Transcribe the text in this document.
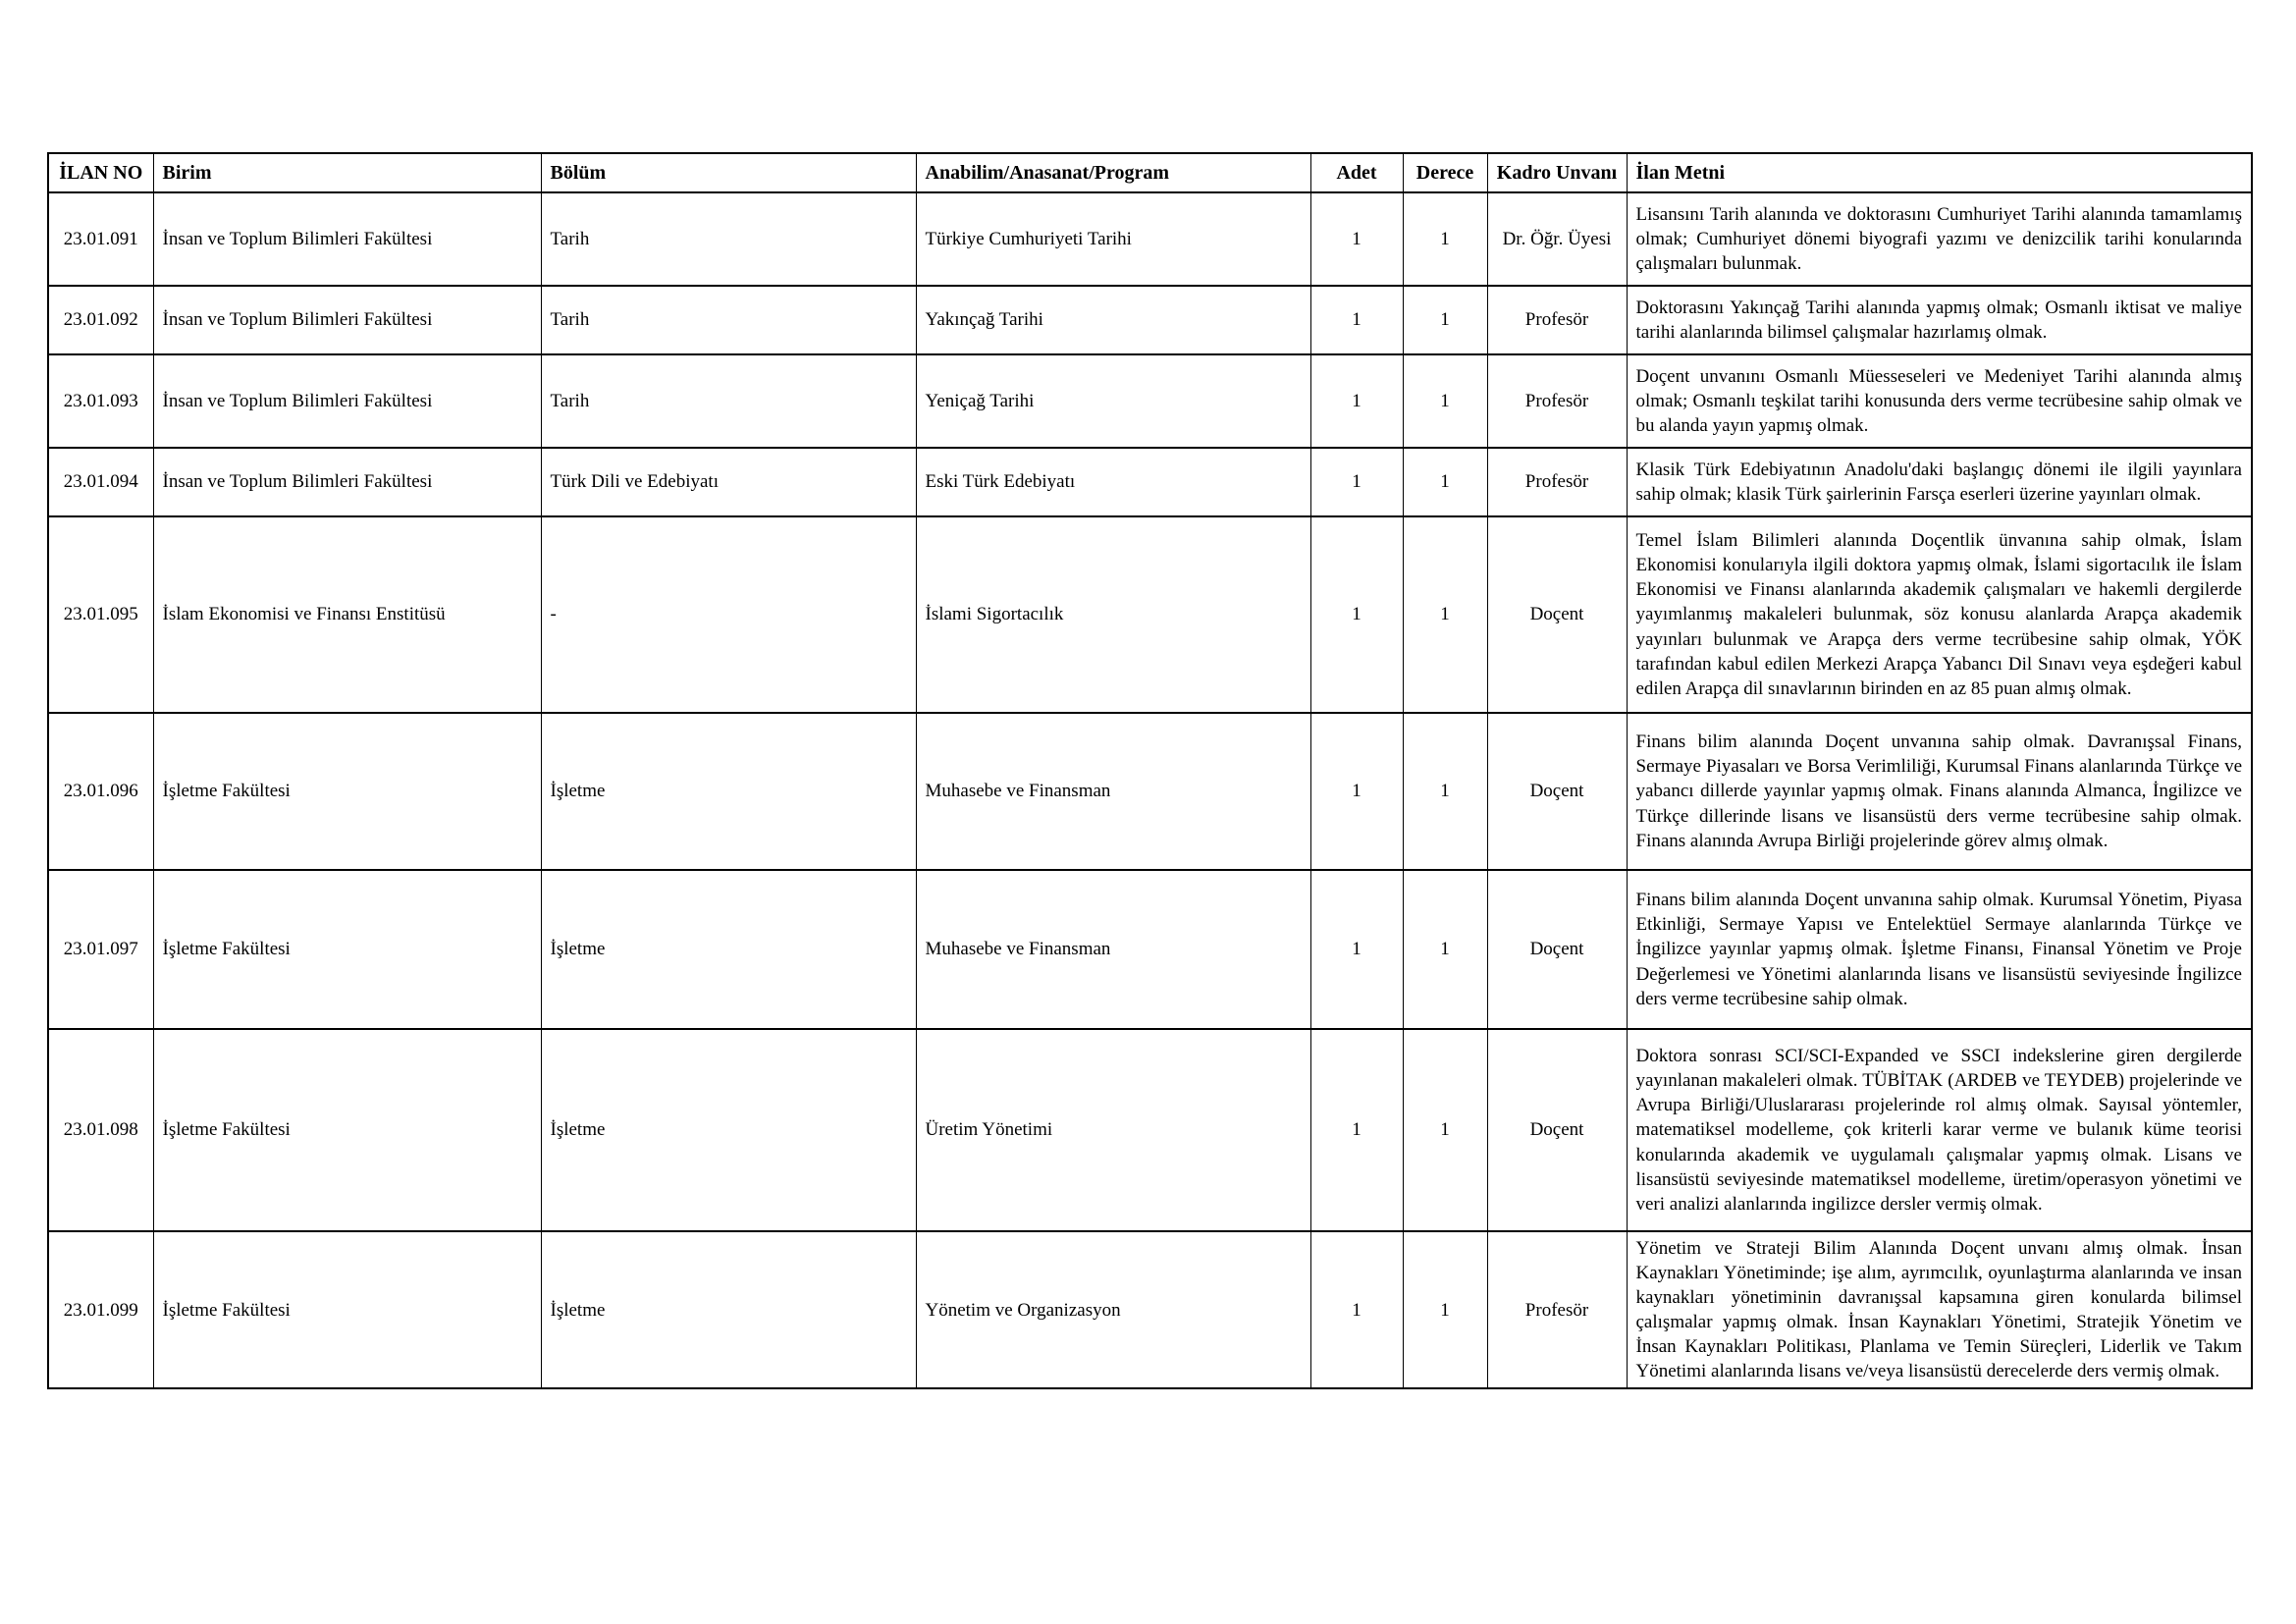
İLAN NO	Birim	Bölüm	Anabilim/Anasanat/Program	Adet	Derece	Kadro Unvanı	İlan Metni
23.01.091	İnsan ve Toplum Bilimleri Fakültesi	Tarih	Türkiye Cumhuriyeti Tarihi	1	1	Dr. Öğr. Üyesi	Lisansını Tarih alanında ve doktorasını Cumhuriyet Tarihi alanında tamamlamış olmak; Cumhuriyet dönemi biyografi yazımı ve denizcilik tarihi konularında çalışmaları bulunmak.
23.01.092	İnsan ve Toplum Bilimleri Fakültesi	Tarih	Yakınçağ Tarihi	1	1	Profesör	Doktorasını Yakınçağ Tarihi alanında yapmış olmak; Osmanlı iktisat ve maliye tarihi alanlarında bilimsel çalışmalar hazırlamış olmak.
23.01.093	İnsan ve Toplum Bilimleri Fakültesi	Tarih	Yeniçağ Tarihi	1	1	Profesör	Doçent unvanını Osmanlı Müesseseleri ve Medeniyet Tarihi alanında almış olmak; Osmanlı teşkilat tarihi konusunda ders verme tecrübesine sahip olmak ve bu alanda yayın yapmış olmak.
23.01.094	İnsan ve Toplum Bilimleri Fakültesi	Türk Dili ve Edebiyatı	Eski Türk Edebiyatı	1	1	Profesör	Klasik Türk Edebiyatının Anadolu'daki başlangıç dönemi ile ilgili yayınlara sahip olmak; klasik Türk şairlerinin Farsça eserleri üzerine yayınları olmak.
23.01.095	İslam Ekonomisi ve Finansı Enstitüsü	-	İslami Sigortacılık	1	1	Doçent	Temel İslam Bilimleri alanında Doçentlik ünvanına sahip olmak, İslam Ekonomisi konularıyla ilgili doktora yapmış olmak, İslami sigortacılık ile İslam Ekonomisi ve Finansı alanlarında akademik çalışmaları ve hakemli dergilerde yayımlanmış makaleleri bulunmak, söz konusu alanlarda Arapça akademik yayınları bulunmak ve Arapça ders verme tecrübesine sahip olmak, YÖK tarafından kabul edilen Merkezi Arapça Yabancı Dil Sınavı veya eşdeğeri kabul edilen Arapça dil sınavlarının birinden en az 85 puan almış olmak.
23.01.096	İşletme Fakültesi	İşletme	Muhasebe ve Finansman	1	1	Doçent	Finans bilim alanında Doçent unvanına sahip olmak. Davranışsal Finans, Sermaye Piyasaları ve Borsa Verimliliği, Kurumsal Finans alanlarında Türkçe ve yabancı dillerde yayınlar yapmış olmak. Finans alanında Almanca, İngilizce ve Türkçe dillerinde lisans ve lisansüstü ders verme tecrübesine sahip olmak. Finans alanında Avrupa Birliği projelerinde görev almış olmak.
23.01.097	İşletme Fakültesi	İşletme	Muhasebe ve Finansman	1	1	Doçent	Finans bilim alanında Doçent unvanına sahip olmak. Kurumsal Yönetim, Piyasa Etkinliği, Sermaye Yapısı ve Entelektüel Sermaye alanlarında Türkçe ve İngilizce yayınlar yapmış olmak. İşletme Finansı, Finansal Yönetim ve Proje Değerlemesi ve Yönetimi alanlarında lisans ve lisansüstü seviyesinde İngilizce ders verme tecrübesine sahip olmak.
23.01.098	İşletme Fakültesi	İşletme	Üretim Yönetimi	1	1	Doçent	Doktora sonrası SCI/SCI-Expanded ve SSCI indekslerine giren dergilerde yayınlanan makaleleri olmak. TÜBİTAK (ARDEB ve TEYDEB) projelerinde ve Avrupa Birliği/Uluslararası projelerinde rol almış olmak. Sayısal yöntemler, matematiksel modelleme, çok kriterli karar verme ve bulanık küme teorisi konularında akademik ve uygulamalı çalışmalar yapmış olmak. Lisans ve lisansüstü seviyesinde matematiksel modelleme, üretim/operasyon yönetimi ve veri analizi alanlarında ingilizce dersler vermiş olmak.
23.01.099	İşletme Fakültesi	İşletme	Yönetim ve Organizasyon	1	1	Profesör	Yönetim ve Strateji Bilim Alanında Doçent unvanı almış olmak. İnsan Kaynakları Yönetiminde; işe alım, ayrımcılık, oyunlaştırma alanlarında ve insan kaynakları yönetiminin davranışsal kapsamına giren konularda bilimsel çalışmalar yapmış olmak. İnsan Kaynakları Yönetimi, Stratejik Yönetim ve İnsan Kaynakları Politikası, Planlama ve Temin Süreçleri, Liderlik ve Takım Yönetimi alanlarında lisans ve/veya lisansüstü derecelerde ders vermiş olmak.
